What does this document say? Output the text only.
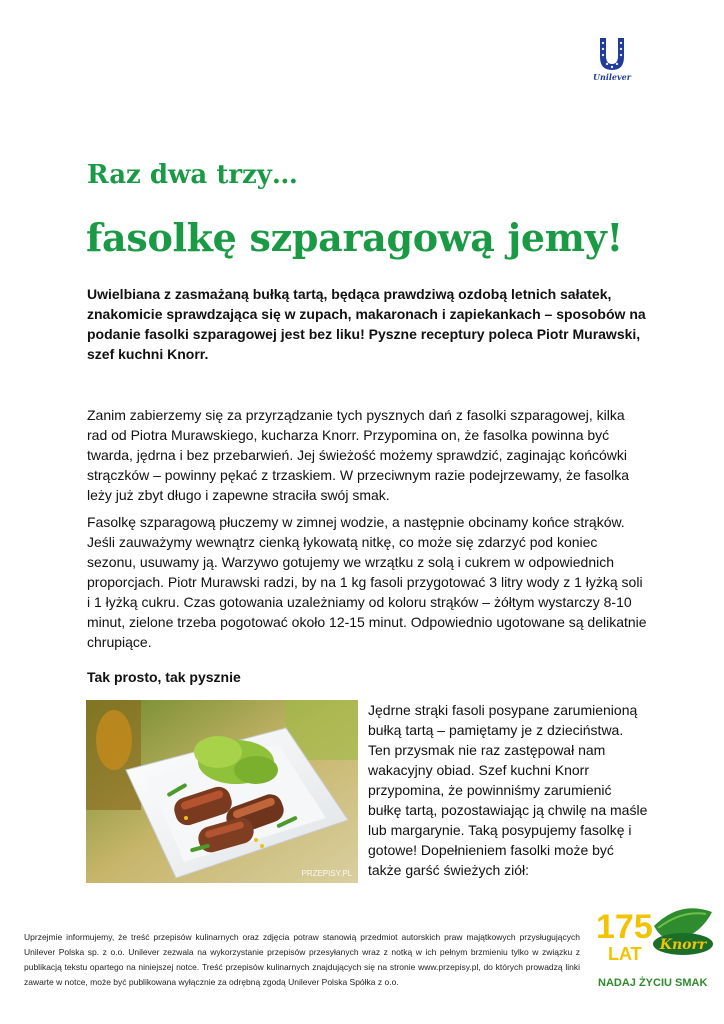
Unilever
Raz dwa trzy…
fasolkę szparagową jemy!

Uwielbiana z zasmażaną bułką tartą, będąca prawdziwą ozdobą letnich sałatek, znakomicie sprawdzająca się w zupach, makaronach i zapiekankach – sposobów na podanie fasolki szparagowej jest bez liku! Pyszne receptury poleca Piotr Murawski, szef kuchni Knorr.

Zanim zabierzemy się za przyrządzanie tych pysznych dań z fasolki szparagowej, kilka rad od Piotra Murawskiego, kucharza Knorr. Przypomina on, że fasolka powinna być twarda, jędrna i bez przebarwień. Jej świeżość możemy sprawdzić, zaginając końcówki strączków – powinny pękać z trzaskiem. W przeciwnym razie podejrzewamy, że fasolka leży już zbyt długo i zapewne straciła swój smak.

Fasolkę szparagową płuczemy w zimnej wodzie, a następnie obcinamy końce strąków. Jeśli zauważymy wewnątrz cienką łykowatą nitkę, co może się zdarzyć pod koniec sezonu, usuwamy ją. Warzywo gotujemy we wrzątku z solą i cukrem w odpowiednich proporcjach. Piotr Murawski radzi, by na 1 kg fasoli przygotować 3 litry wody z 1 łyżką soli i 1 łyżką cukru. Czas gotowania uzależniamy od koloru strąków – żółtym wystarczy 8-10 minut, zielone trzeba pogotować około 12-15 minut. Odpowiednio ugotowane są delikatnie chrupiące.

Tak prosto, tak pysznie
PRZEPISY.PL

Jędrne strąki fasoli posypane zarumienioną bułką tartą – pamiętamy je z dzieciństwa. Ten przysmak nie raz zastępował nam wakacyjny obiad. Szef kuchni Knorr przypomina, że powinniśmy zarumienić bułkę tartą, pozostawiając ją chwilę na maśle lub margarynie. Taką posypujemy fasolkę i gotowe! Dopełnieniem fasolki może być także garść świeżych ziół:

Uprzejmie informujemy, że treść przepisów kulinarnych oraz zdjęcia potraw stanowią przedmiot autorskich praw majątkowych przysługujących Unilever Polska sp. z o.o. Unilever zezwala na wykorzystanie przepisów przesyłanych wraz z notką w ich pełnym brzmieniu tylko w związku z publikacją tekstu opartego na niniejszej notce. Treść przepisów kulinarnych znajdujących się na stronie www.przepisy.pl, do których prowadzą linki zawarte w notce, może być publikowana wyłącznie za odrębną zgodą Unilever Polska Spółka z o.o.

175
LAT Knorr
NADAJ ŻYCIU SMAK
